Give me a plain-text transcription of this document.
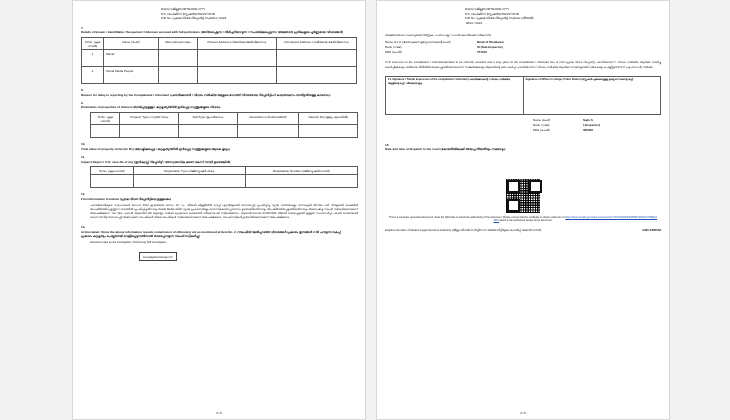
District (ജില്ല) KOZHIKODE CITY
P.S. (പോലീസ് സ്റ്റേഷൻ) CHEVAYOOR
FIR No. (പ്രഥമ വിവര റിപ്പോർട്ട് നം) 0014 / 2024
7.Details of known / identifiable / Suspected / Unknown accused with full particulars (അറിയപ്പെടുന്ന / തിരിച്ചറിയാവുന്ന / സംശയിക്കപ്പെടുന്ന / അജ്ഞാത പ്രതികളുടെ പൂർണ്ണമായ വിവരങ്ങൾ)
Sl.No. (ക്രമ നമ്പർ)	Name (പേര്)	Alias (അപരനാമം)	Present Address (നിലവിലെ മേൽവിലാസം)	Permanent Address (സ്ഥിരമായ മേൽവിലാസം)
1	Manaf			
2	Social Media People			
8.Reason for delay in reporting by the Complainant / Informant (പരാതിക്കാരൻ / വിവരം നൽകിയ ആളുടെ ഭാഗത്ത് നിന്നുണ്ടായ റിപ്പോർട്ടിംഗ് കാലതാമസം നേരിട്ടതിനുള്ള കാരണം):
9.Particulars of properties of interest (താൽപ്പര്യമുള്ള / കുറ്റകൃത്യത്തിൽ ഉൾപ്പെട്ട സ്വത്തുക്കളുടെ വിവരം)
Sl.No. (ക്രമ നമ്പർ)	Property Type (സ്വത്ത് തരം)	Sub/Type (ഉപവിഭാഗം)	Description (വിവരണങ്ങൾ)	Value(In Rs) (മൂല്യം രൂപയിൽ)

10.Total value of property stolen (In Rs) (മോഷ്ടിക്കപ്പെട്ട / കുറ്റകൃത്യത്തിൽ ഉൾപ്പെട്ട സ്വത്തുക്കളുടെ ആകെ മൂല്യം)
11.Inquest Report / U.D. case No.,if any (ഇൻക്വസ്റ്റ് റിപ്പോർട്ട് / അസ്വാഭാവിക മരണ കേസ് നമ്പർ ഉണ്ടെങ്കിൽ)
Sl.No. (ക്രമ നമ്പർ)	Registration Type (രജിസ്ട്രേഷൻ തരം)	Registration Number (രജിസ്ട്രേഷൻ നമ്പർ)

12.First Information Contents (പ്രഥമ വിവര റിപ്പോർട്ടിലെ ഉള്ളടക്കം)
പരാതിക്കാരിയുടെ സഹോദരൻ മനാഫ് 2024 ഇക്കഴിഞ്ഞ മാസം 16 ാം തീയതി കിളളിയിൽ വെച്ച് എന്റെയുമായി ബന്ധപ്പെട്ട് പ്രചരിപ്പിച്ച വ്യാജ വാർത്തകളും സോഷ്യൽ മീഡിയ വഴി നിന്ദ്യമായി ഭാഷയിൽ അപകീർത്തിപ്പെടുത്തുന്ന തരത്തിൽ പ്രചരിപ്പിച്ചതിനാലും Social Media യിൽ വ്യാജ പ്രചരണങ്ങളും മാനസികമായി പ്രയാസം ഉണ്ടാക്കിയതിനാലും അപകീർത്തിപ്പെടുത്തിയതിനാലും അന്വേഷിച്ച് നടപടി സ്വീകരിക്കണമെന്ന് അപേക്ഷിക്കുന്നു. You tube ചാനൽ ആയതിനാൽ ആയതും നൽകി കുറ്റക്കാരെ കണ്ടെത്തി നിയമനടപടി സ്വീകരിക്കണം. ആയതിനാലായ 02.08.2024 തീയതി രാഖപ്പെടുത്തി ഉള്ളത് സംബന്ധിച്ച് പരാതി കാരുണ്ടായി തന്നെ് നേരിട്ട് ബന്ധപ്പെട്ട് അന്വേഷണ നടപടികൾ നിയമ നടപടികൾ സ്വീകരിക്കണമെന്ന് അപേക്ഷിക്കുന്നു. നടപടി സ്വീകരിച്ച് അറിയിക്കണമെന്ന് അപേക്ഷിക്കുന്നു.
13.Action taken: Since the above information reveals commission of offence(s) u/s as mentioned at Item No. 2, (നടപടിയ് മേൽപ്പറഞ്ഞ വിവരങ്ങൾ പ്രകാരം ഇനങ്ങൾ 2 ൽ പറയുന്ന വകുപ്പ് പ്രകാരം കുറ്റകൃത്യം ചെയ്തതായി വെളിപ്പെടുന്നതിനാൽ താഴെപ്പറയുന്ന നടപടി സ്വീകരിച്ചു)
Directed to take up the investigation / Performing Self investigation
Investigation/Assign IO
3 / 5
District (ജില്ല) KOZHIKODE CITY
P.S. (പോലീസ് സ്റ്റേഷൻ) CHEVAYOOR
FIR No. (പ്രഥമ വിവര റിപ്പോർട്ട് നം) Date (തീയതി)

0814 / 2024
(അജ്ഞാതമായ സംഭവവുമായി നിർത്തുക, റഫർ ചെയ്ത് / റഫറൽ കേസിലേക്ക് നൽകുന്നത്)
Name of I.O (അന്വേഷണ ഉദ്യോഗസ്ഥന്റെ പേര്)	Nimin K Dinakaran
Rank (റാങ്ക്)	SI (Sub-Inspector)
PEN (പെൻ)	757910
F.I.R read over to the complainant / informant,admitted to be correctly recorded and a copy given to the complainant / informant free of cost (പ്രഥമ വിവര റിപ്പോർട്ട് പരാതിക്കാരന് / വിവരം നൽകിയ ആൾക്ക് വായിച്ചു കേൾപ്പിക്കുകയും ശരിയായ രീതിയിൽ രേഖപ്പെടുത്തിയതാണെന്ന് സമ്മതിക്കുകയും ആയതിന്റെ ഒരു പകർപ്പ് പരാതിക്കാരന് / വിവരം നൽകിയ ആൾക്ക് സൗജന്യമായി നൽകുകയും ചെയ്തിട്ടുണ്ട് F.O.C (എഫ്.ഒ.സി) നൽകി)
14. Signature / Thumb impression of the complainant / Informant (പരാതിക്കാരന്റെ / വിവരം നൽകിയ ആളിന്റെ ഒപ്പ് / വിരലടയാളം)

Signature of Officer in charge, Police Station (സ്റ്റേഷൻ ചുമതലയുള്ള ഉദ്യോഗസ്ഥന്റെ ഒപ്പ്)
Name (പേര്)	Sajiv S
Rank (റാങ്ക്)	I (Inspector)
PEN (പെൻ)	365350
15.Date and time of dispatch to the court (കോടതിയിലേക്ക് അയച്ച തീയതിയും സമയവും)
This is a computer generated document. Scan the QR Code to check the authenticity of the document. Please ensure that the certificate is shown under the url https://tksvs.kerala.gov.in/document/verify/?=DOC000000345584CD6A4A7008E104001 which is the authorized design of the document.
Helpline Number of District Legal Services Authority (ജില്ലാ ലീഗൽ സർവ്വീസസ് അതോറിറ്റിയുടെ ഹെൽപ്പ് ലൈൻ നമ്പർ)	0495-2365048
4 / 5
